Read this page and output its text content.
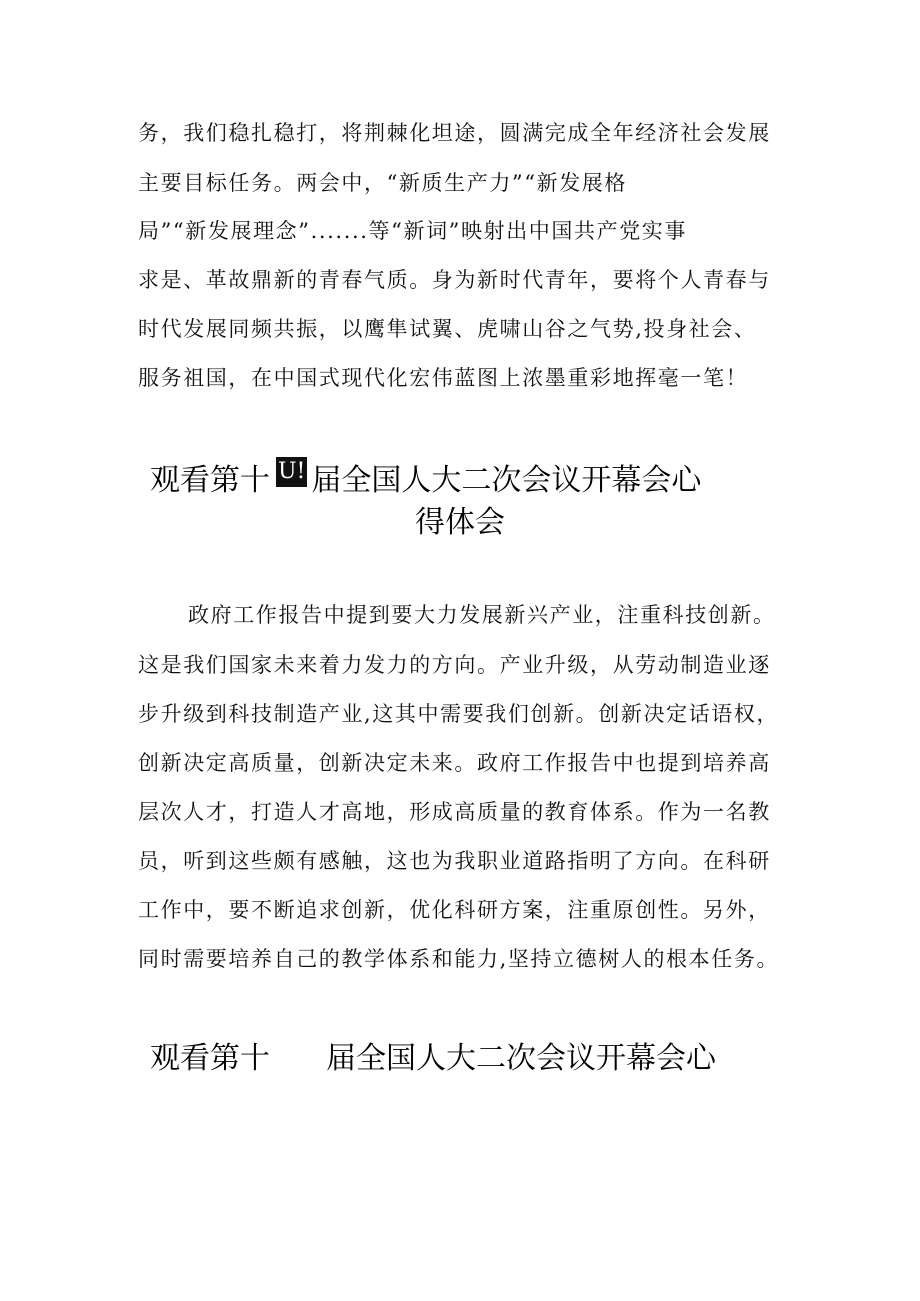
务，我们稳扎稳打，将荆棘化坦途，圆满完成全年经济社会发展
主要目标任务。两会中，“新质生产力”“新发展格
局”“新发展理念”.......等“新词”映射出中国共产党实事
求是、革故鼎新的青春气质。身为新时代青年，要将个人青春与
时代发展同频共振，以鹰隼试翼、虎啸山谷之气势,投身社会、
服务祖国，在中国式现代化宏伟蓝图上浓墨重彩地挥毫一笔！
观看第十 U! 届全国人大二次会议开幕会心
得体会
政府工作报告中提到要大力发展新兴产业，注重科技创新。
这是我们国家未来着力发力的方向。产业升级，从劳动制造业逐
步升级到科技制造产业,这其中需要我们创新。创新决定话语权，
创新决定高质量，创新决定未来。政府工作报告中也提到培养高
层次人才，打造人才高地，形成高质量的教育体系。作为一名教
员，听到这些颇有感触，这也为我职业道路指明了方向。在科研
工作中，要不断追求创新，优化科研方案，注重原创性。另外，
同时需要培养自己的教学体系和能力,坚持立德树人的根本任务。
观看第十 届全国人大二次会议开幕会心
